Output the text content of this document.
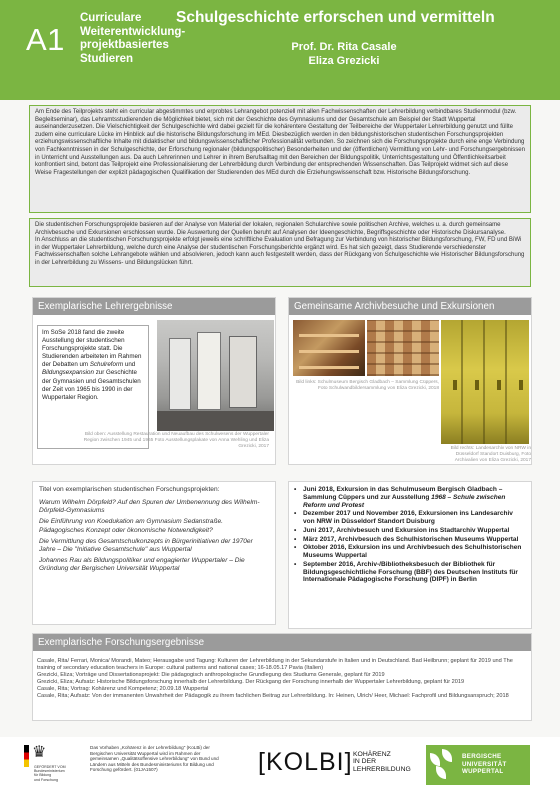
A1
Curriculare
Weiterentwicklung-
projektbasiertes
Studieren
Schulgeschichte erforschen und vermitteln
Prof. Dr. Rita Casale
Eliza Grezicki
Am Ende des Teilprojekts steht ein curricular abgestimmtes und erprobtes Lehrangebot potenziell mit allen Fachwissenschaften der Lehrerbildung verbindbares Studienmodul (bzw. Begleitseminar), das Lehramtsstudierenden die Möglichkeit bietet, sich mit der Geschichte des Gymnasiums und der Gesamtschule am Beispiel der Stadt Wuppertal auseinanderzusetzen. Die Vielschichtigkeit der Schulgeschichte wird dabei gezielt für die kohärentere Gestaltung der Teilbereiche der Wuppertaler Lehrerbildung genutzt und füllte zudem eine curriculare Lücke im Hinblick auf die historische Bildungsforschung im MEd. Diesbezüglich werden in den bildungshistorischen studentischen Forschungsprojekten erziehungswissenschaftliche Inhalte mit didaktischer und bildungswissenschaftlicher Professionalität verbunden. So zeichnen sich die Forschungsprojekte durch eine enge Verbindung von Fachkenntnissen in der Schulgeschichte, der Erforschung regionaler (bildungspolitischer) Besonderheiten und der (öffentlichen) Vermittlung von Lehr- und Forschungsergebnissen in Unterricht und Ausstellungen aus. Da auch Lehrerinnen und Lehrer in ihrem Berufsalltag mit den Bereichen der Bildungspolitik, Unterrichtsgestaltung und Öffentlichkeitsarbeit konfrontiert sind, betont das Teilprojekt eine Professionalisierung der Lehrerbildung durch Verbindung der entsprechenden Wissenschaften. Das Teilprojekt widmet sich auf diese Weise Fragestellungen der explizit pädagogischen Qualifikation der Studierenden des MEd durch die Erziehungswissenschaft bzw. Historische Bildungsforschung.

Die studentischen Forschungsprojekte basieren auf der Analyse von Material der lokalen, regionalen Schularchive sowie politischen Archive, welches u. a. durch gemeinsame Archivbesuche und Exkursionen erschlossen wurde. Die Auswertung der Quellen beruht auf Analysen der Ideengeschichte, Begriffsgeschichte oder Historische Diskursanalyse.

In Anschluss an die studentischen Forschungsprojekte erfolgt jeweils eine schriftliche Evaluation und Befragung zur Verbindung von historischer Bildungsforschung, FW, FD und BiWi in der Wuppertaler Lehrerbildung, welche durch eine Analyse der studentischen Forschungsberichte ergänzt wird. Es hat sich gezeigt, dass Studierende verschiedenster Fachwissenschaften solche Lehrangebote wählen und absolvieren, jedoch kann auch festgestellt werden, dass der Rückgang von Schulgeschichte wie Historischer Bildungsforschung in der Lehrerbildung zu Wissens- und Bildungslücken führt.

Exemplarische Lehrergebnisse
Im SoSe 2018 fand die zweite Ausstellung der studentischen Forschungsprojekte statt. Die Studierenden arbeiteten im Rahmen der Debatten um Schulreform und Bildungsexpansion zur Geschichte der Gymnasien und Gesamtschulen der Zeit von 1965 bis 1990 in der Wuppertaler Region.
Bild oben: Ausstellung Restauration und Neuaufbau des Schulwesens der Wuppertaler Region zwischen 1945 und 1965 Foto Ausstellungsplakate von Anna Wehling und Eliza Grezicki, 2017
Gemeinsame Archivbesuche und Exkursionen
Bild links: Schulmuseum Bergisch Gladbach – Sammlung Cüppers, Foto Schulwandbildersammlung von Eliza Grezicki, 2018
Bild rechts: Landesarchiv von NRW in Düsseldorf Standort Duisburg, Foto Archivalien von Eliza Grezicki, 2017

Titel von exemplarischen studentischen Forschungsprojekten:

Warum Wilhelm Dörpfeld? Auf den Spuren der Umbenennung des Wilhelm-Dörpfeld-Gymnasiums

Die Einführung von Koedukation am Gymnasium Sedanstraße. Pädagogisches Konzept oder ökonomische Notwendigkeit?

Die Vermittlung des Gesamtschulkonzepts in Bürgerinitiativen der 1970er Jahre – Die "Initiative Gesamtschule" aus Wuppertal

Johannes Rau als Bildungspolitiker und engagierter Wuppertaler – Die Gründung der Bergischen Universität Wuppertal

• Juni 2018, Exkursion in das Schulmuseum Bergisch Gladbach – Sammlung Cüppers und zur Ausstellung 1968 – Schule zwischen Reform und Protest
• Dezember 2017 und November 2016, Exkursionen ins Landesarchiv von NRW in Düsseldorf Standort Duisburg
• Juni 2017, Archivbesuch und Exkursion ins Stadtarchiv Wuppertal
• März 2017, Archivbesuch des Schulhistorischen Museums Wuppertal
• Oktober 2016, Exkursion ins und Archivbesuch des Schulhistorischen Museums Wuppertal
• September 2016, Archiv-/Bibliotheksbesuch der Bibliothek für Bildungsgeschichtliche Forschung (BBF) des Deutschen Instituts für Internationale Pädagogische Forschung (DIPF) in Berlin
Exemplarische Forschungsergebnisse

Casale, Rita/ Ferrari, Monica/ Morandi, Mateo; Herausgabe und Tagung: Kulturen der Lehrerbildung in der Sekundarstufe in Italien und in Deutschland. Bad Heilbrunn; geplant für 2019 und The training of secondary education teachers in Europe: cultural patterns and national cases; 16-18.05.17 Pavia (Italien)

Grezicki, Eliza; Vorträge und Dissertationsprojekt: Die pädagogisch anthropologische Grundlegung des Studiums Generale, geplant für 2019

Grezicki, Eliza; Aufsatz: Historische Bildungsforschung innerhalb der Lehrerbildung. Der Rückgang der Forschung innerhalb der Wuppertaler Lehrerbildung, geplant für 2019

Casale, Rita; Vortrag: Kohärenz und Kompetenz; 20.09.18 Wuppertal

Casale, Rita; Aufsatz: Von der immanenten Unwahrheit der Pädagogik zu ihrem fachlichen Beitrag zur Lehrerbildung. In: Heinen, Ulrich/ Heer, Michael: Fachprofil und Bildungsanspruch; 2018

♛
GEFÖRDERT VOM
Bundesministerium
für Bildung
und Forschung
Das Vorhaben „Kohärenz in der Lehrerbildung" (KoLBi) der Bergischen Universität Wuppertal wird im Rahmen der gemeinsamen „Qualitätsoffensive Lehrerbildung" von Bund und Ländern aus Mitteln des Bundesministeriums für Bildung und Forschung gefördert. (01JA1507)	[KOLBI] KOHÄRENZ
IN DER
LEHRERBILDUNG
BERGISCHE
UNIVERSITÄT
WUPPERTAL
